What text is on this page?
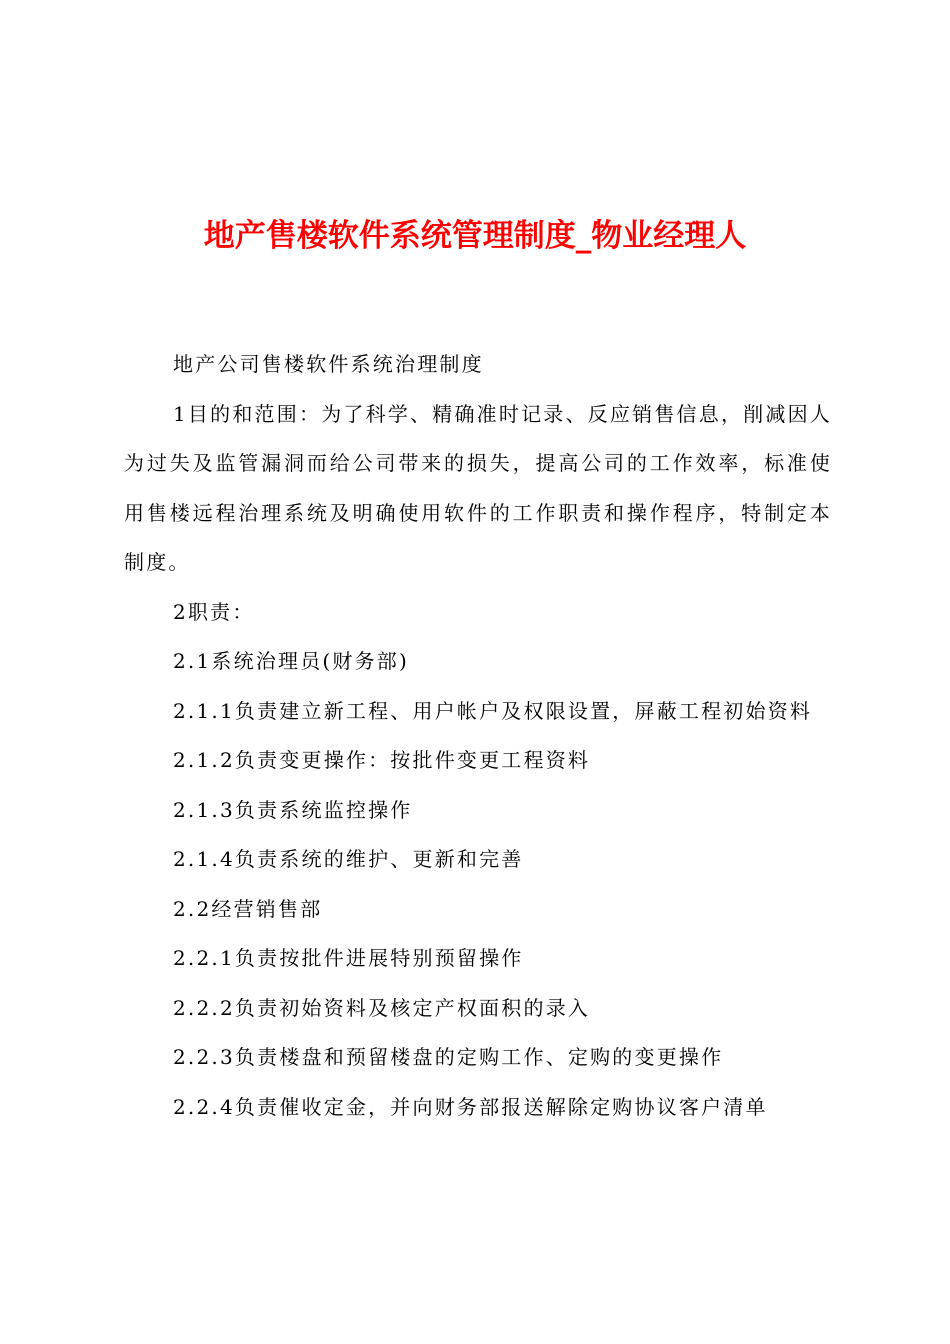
地产售楼软件系统管理制度_物业经理人

地产公司售楼软件系统治理制度

1目的和范围：为了科学、精确准时记录、反应销售信息，削减因人为过失及监管漏洞而给公司带来的损失，提高公司的工作效率，标准使用售楼远程治理系统及明确使用软件的工作职责和操作程序，特制定本制度。

2职责：

2.1系统治理员(财务部)

2.1.1负责建立新工程、用户帐户及权限设置，屏蔽工程初始资料

2.1.2负责变更操作：按批件变更工程资料

2.1.3负责系统监控操作

2.1.4负责系统的维护、更新和完善

2.2经营销售部

2.2.1负责按批件进展特别预留操作

2.2.2负责初始资料及核定产权面积的录入

2.2.3负责楼盘和预留楼盘的定购工作、定购的变更操作

2.2.4负责催收定金，并向财务部报送解除定购协议客户清单
